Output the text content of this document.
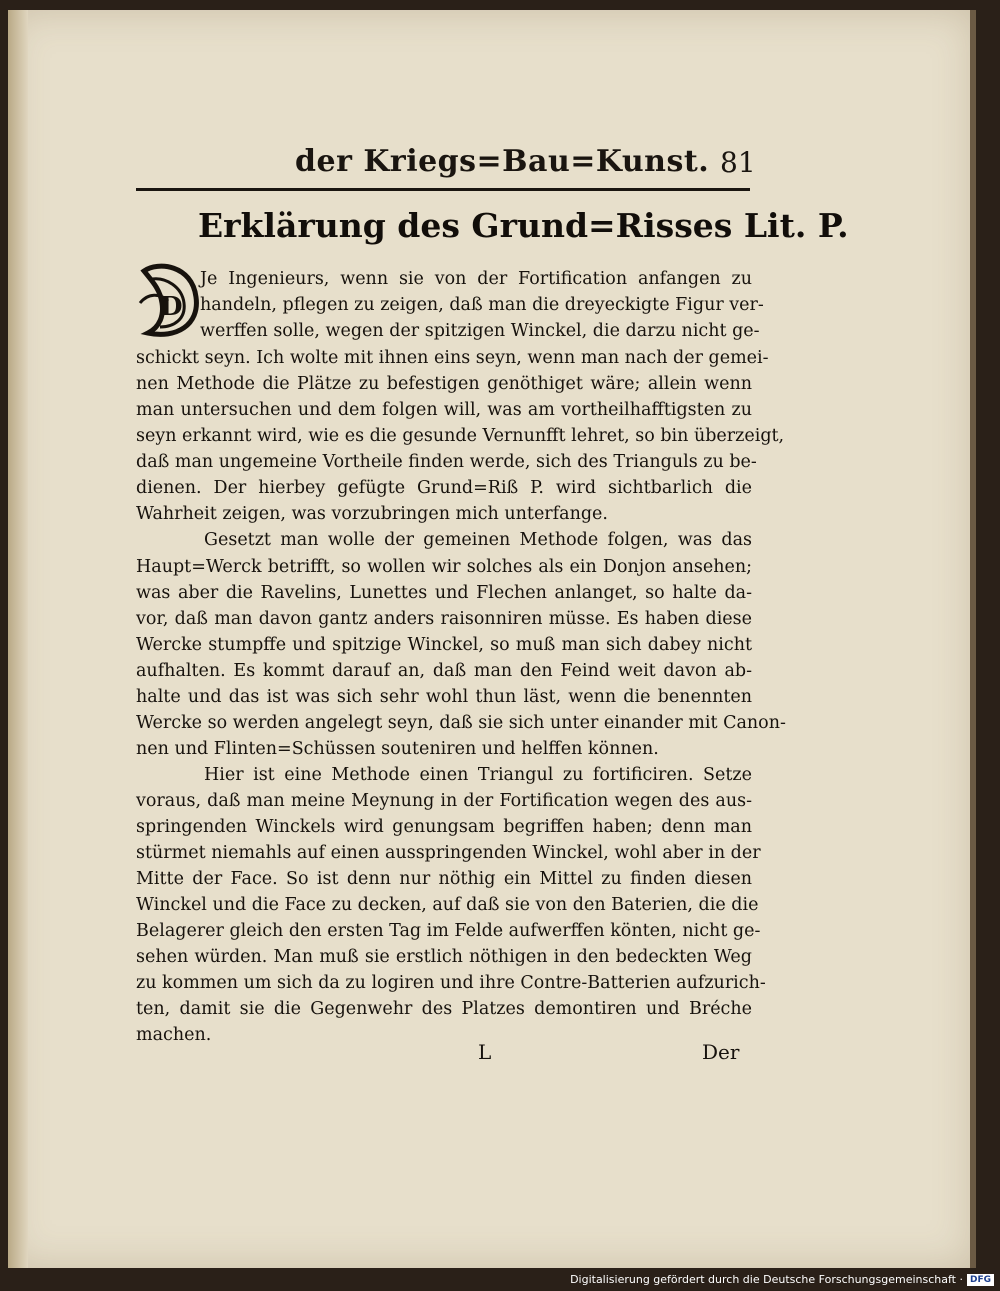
der Kriegs=Bau=Kunst. 81
Erklärung des Grund=Risses Lit. P.
D
Je Ingenieurs, wenn sie von der Fortification anfangen zu
handeln, pflegen zu zeigen, daß man die dreyeckigte Figur ver-
werffen solle, wegen der spitzigen Winckel, die darzu nicht ge-
schickt seyn. Ich wolte mit ihnen eins seyn, wenn man nach der gemei-
nen Methode die Plätze zu befestigen genöthiget wäre; allein wenn
man untersuchen und dem folgen will, was am vortheilhafftigsten zu
seyn erkannt wird, wie es die gesunde Vernunfft lehret, so bin überzeigt,
daß man ungemeine Vortheile finden werde, sich des Trianguls zu be-
dienen. Der hierbey gefügte Grund=Riß P. wird sichtbarlich die
Wahrheit zeigen, was vorzubringen mich unterfange.
Gesetzt man wolle der gemeinen Methode folgen, was das
Haupt=Werck betrifft, so wollen wir solches als ein Donjon ansehen;
was aber die Ravelins, Lunettes und Flechen anlanget, so halte da-
vor, daß man davon gantz anders raisonniren müsse. Es haben diese
Wercke stumpffe und spitzige Winckel, so muß man sich dabey nicht
aufhalten. Es kommt darauf an, daß man den Feind weit davon ab-
halte und das ist was sich sehr wohl thun läst, wenn die benennten
Wercke so werden angelegt seyn, daß sie sich unter einander mit Canon-
nen und Flinten=Schüssen souteniren und helffen können.
Hier ist eine Methode einen Triangul zu fortificiren. Setze
voraus, daß man meine Meynung in der Fortification wegen des aus-
springenden Winckels wird genungsam begriffen haben; denn man
stürmet niemahls auf einen ausspringenden Winckel, wohl aber in der
Mitte der Face. So ist denn nur nöthig ein Mittel zu finden diesen
Winckel und die Face zu decken, auf daß sie von den Baterien, die die
Belagerer gleich den ersten Tag im Felde aufwerffen könten, nicht ge-
sehen würden. Man muß sie erstlich nöthigen in den bedeckten Weg
zu kommen um sich da zu logiren und ihre Contre-Batterien aufzurich-
ten, damit sie die Gegenwehr des Platzes demontiren und Bréche
machen.
L	Der
Digitalisierung gefördert durch die Deutsche Forschungsgemeinschaft · DFG
